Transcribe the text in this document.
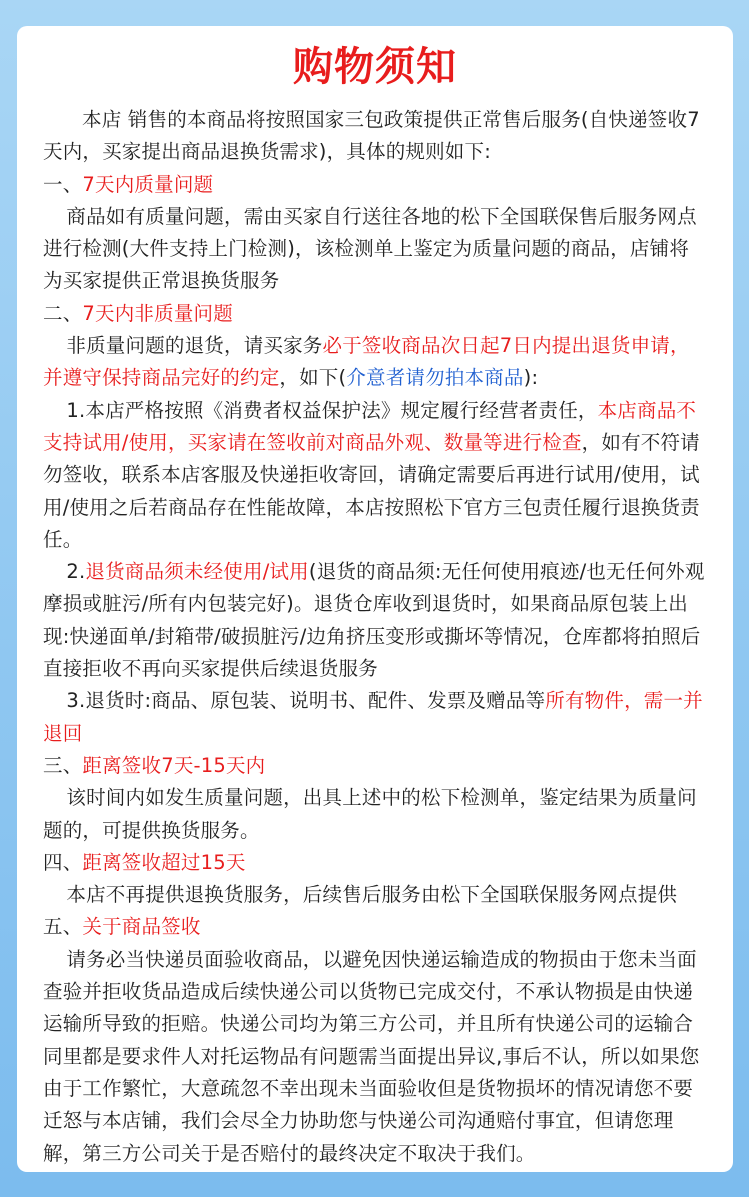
购物须知

本店 销售的本商品将按照国家三包政策提供正常售后服务(自快递签收7天内，买家提出商品退换货需求)，具体的规则如下:

一、7天内质量问题

商品如有质量问题，需由买家自行送往各地的松下全国联保售后服务网点进行检测(大件支持上门检测)，该检测单上鉴定为质量问题的商品，店铺将为买家提供正常退换货服务

二、7天内非质量问题

非质量问题的退货，请买家务必于签收商品次日起7日内提出退货申请，并遵守保持商品完好的约定，如下(介意者请勿拍本商品):

1.本店严格按照《消费者权益保护法》规定履行经营者责任，本店商品不支持试用/使用，买家请在签收前对商品外观、数量等进行检查，如有不符请勿签收，联系本店客服及快递拒收寄回，请确定需要后再进行试用/使用，试用/使用之后若商品存在性能故障，本店按照松下官方三包责任履行退换货责任。

2.退货商品须未经使用/试用(退货的商品须:无任何使用痕迹/也无任何外观摩损或脏污/所有内包装完好)。退货仓库收到退货时，如果商品原包装上出现:快递面单/封箱带/破损脏污/边角挤压变形或撕坏等情况，仓库都将拍照后直接拒收不再向买家提供后续退货服务

3.退货时:商品、原包装、说明书、配件、发票及赠品等所有物件，需一并退回

三、距离签收7天-15天内

该时间内如发生质量问题，出具上述中的松下检测单，鉴定结果为质量问题的，可提供换货服务。

四、距离签收超过15天

本店不再提供退换货服务，后续售后服务由松下全国联保服务网点提供

五、关于商品签收

请务必当快递员面验收商品，以避免因快递运输造成的物损由于您未当面查验并拒收货品造成后续快递公司以货物已完成交付，不承认物损是由快递运输所导致的拒赔。快递公司均为第三方公司，并且所有快递公司的运输合同里都是要求件人对托运物品有问题需当面提出异议,事后不认，所以如果您由于工作繁忙，大意疏忽不幸出现未当面验收但是货物损坏的情况请您不要迁怒与本店铺，我们会尽全力协助您与快递公司沟通赔付事宜，但请您理解，第三方公司关于是否赔付的最终决定不取决于我们。
